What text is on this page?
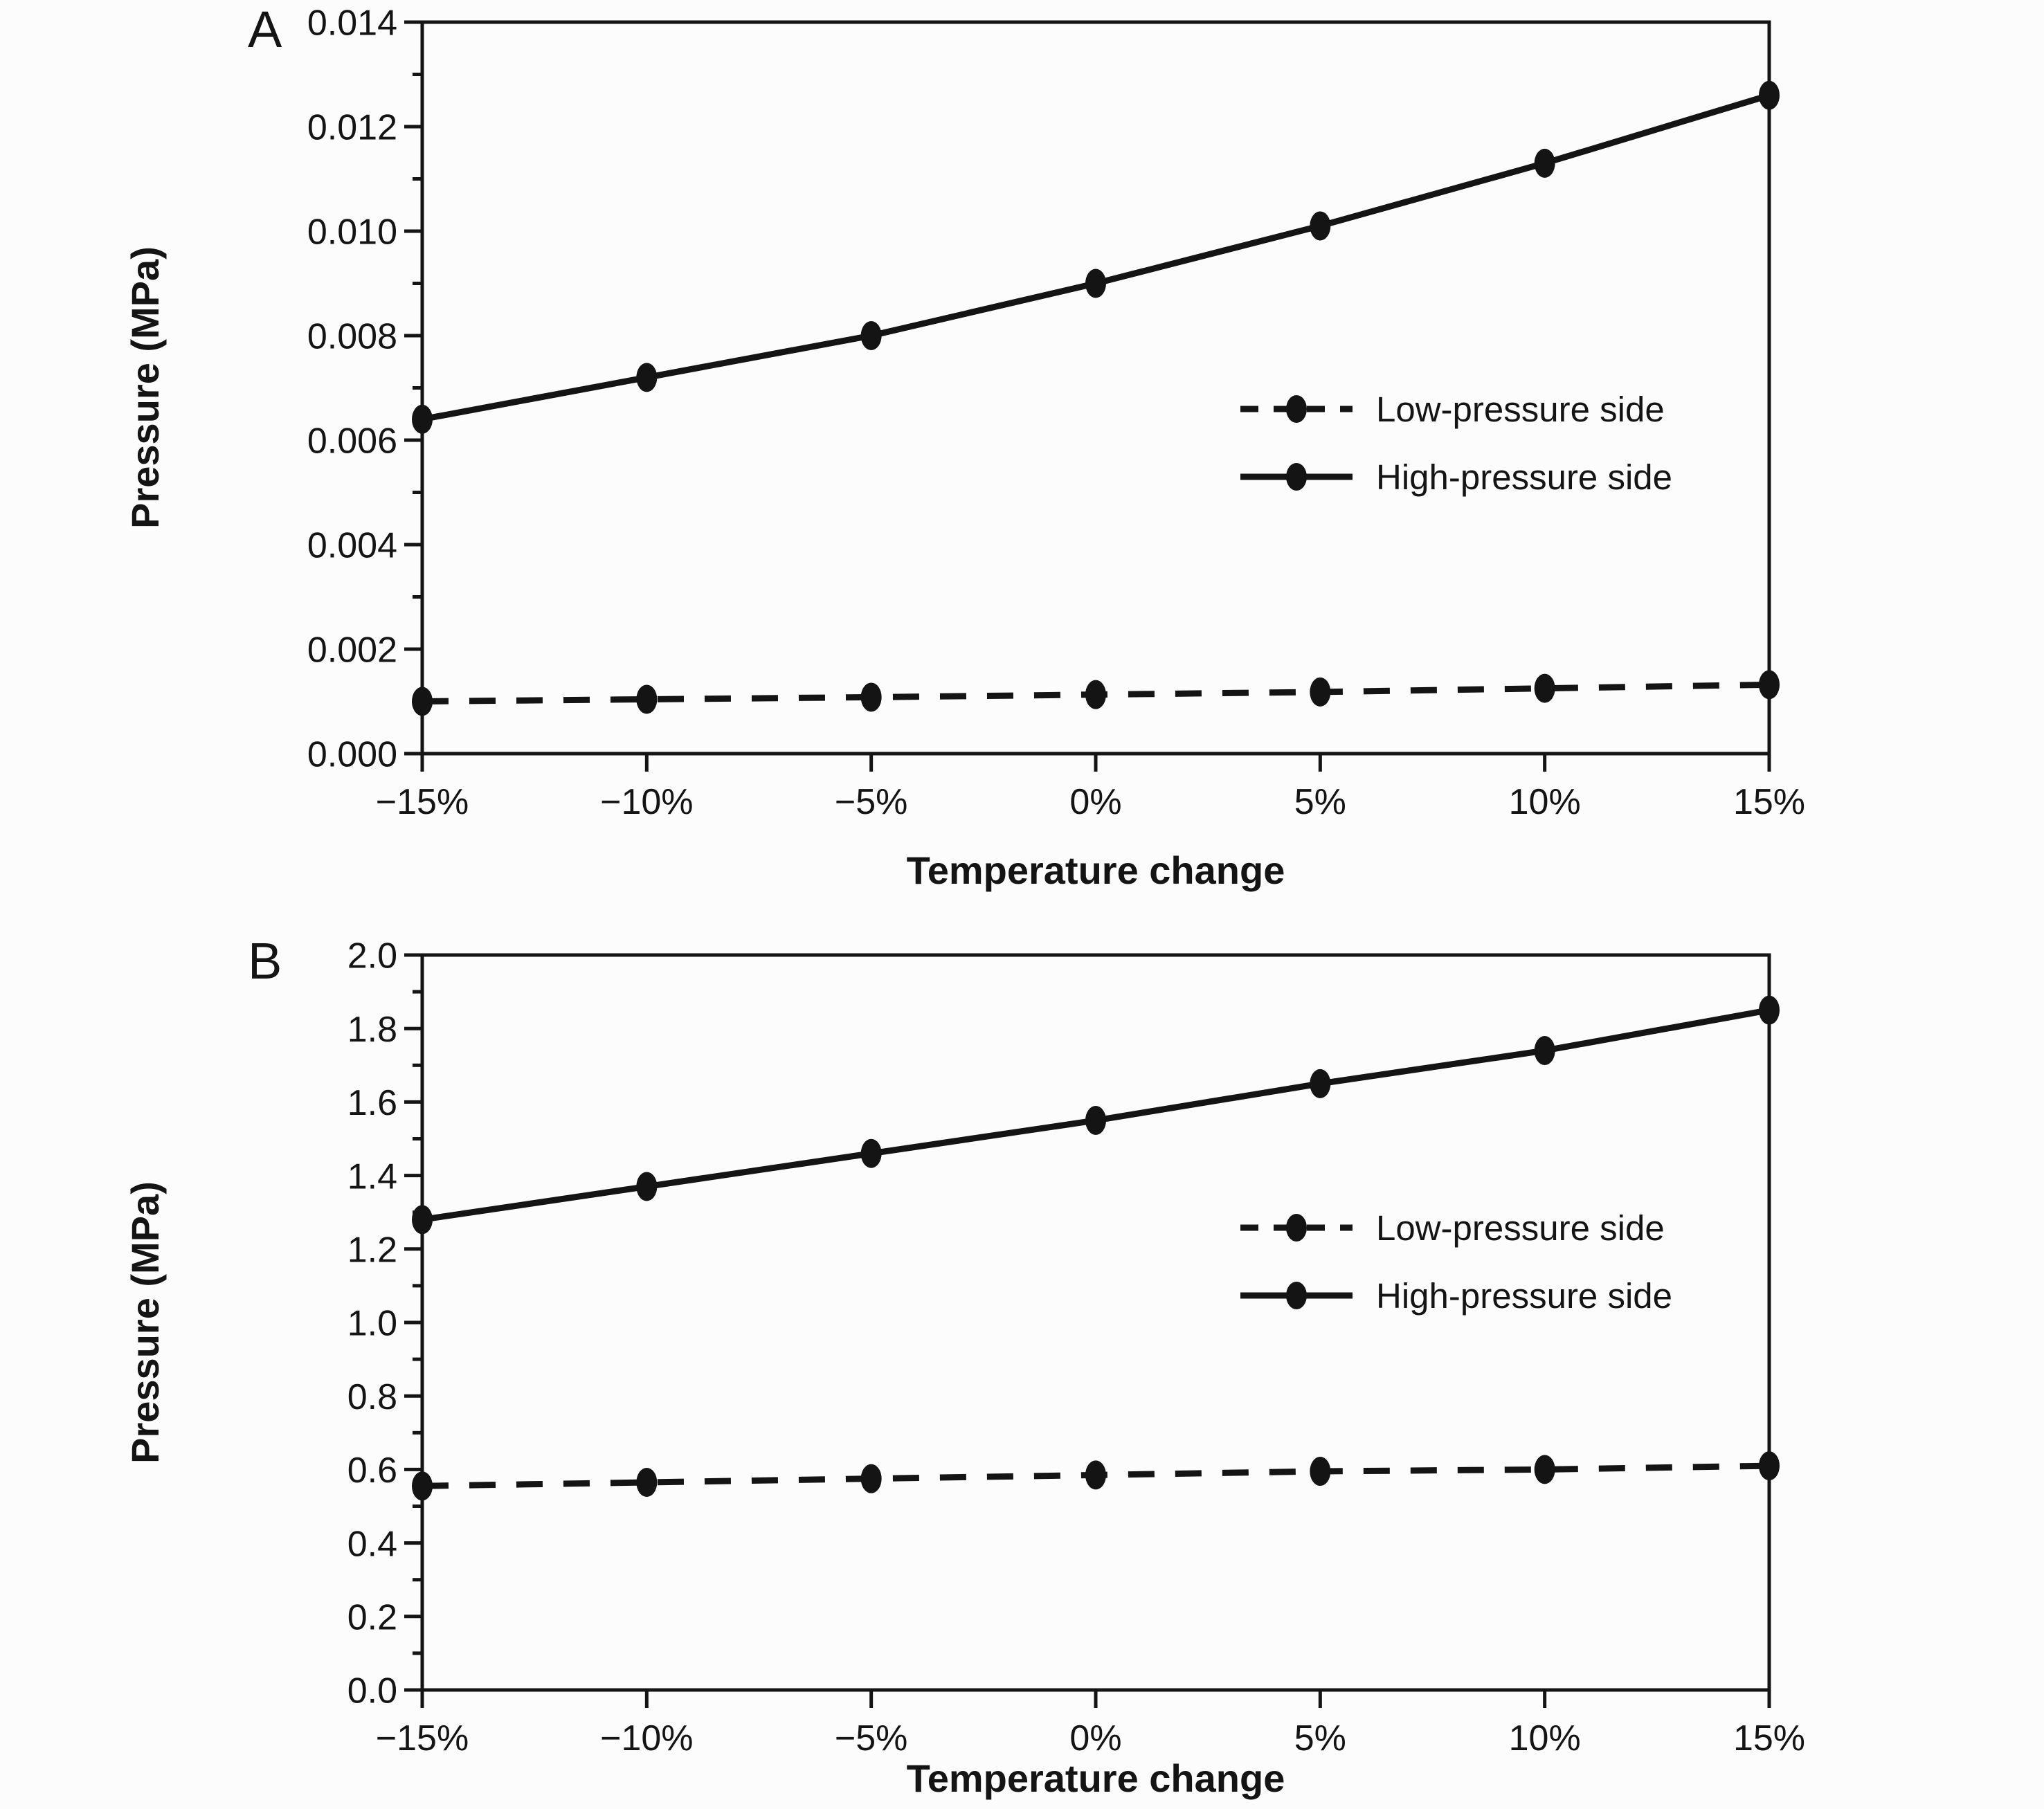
0.000
0.002
0.004
0.006
0.008
0.010
0.012
0.014
−15%	−10%	−5%	0%	5%	10%	15%
0.0
0.2
0.4
0.6
0.8
1.0
1.2
1.4
1.6
1.8
2.0
−15%	−10%	−5%	0%	5%	10%	15%
A
Pressure (MPa)
Temperature change
Low-pressure side
High-pressure side
B
Pressure (MPa)
Temperature change
Low-pressure side
High-pressure side
